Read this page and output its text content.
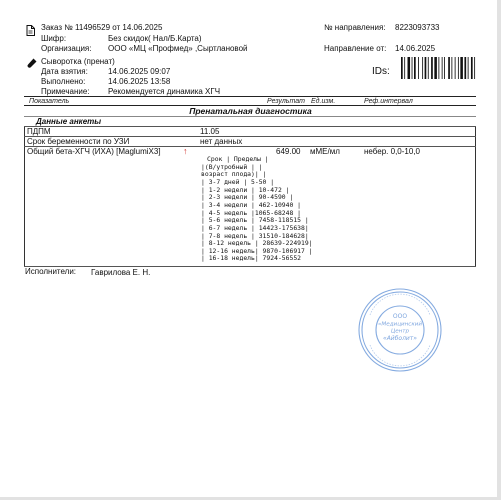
Заказ № 11496529 от 14.06.2025
Шифр:	Без скидок( Нал/Б.Карта)
Организация: ООО «МЦ «Профмед» ,Сыртлановой
№ направления: 8223093733
Направление от: 14.06.2025
Сыворотка (пренат)
Дата взятия:	14.06.2025 09:07
Выполнено:	14.06.2025 13:58
Примечание: Рекомендуется динамика ХГЧ
IDs:
Показатель	Результат Ед.изм.	Реф.интервал
Пренатальная диагностика
Данные анкеты
ПДПМ	11.05
Срок беременности по УЗИ	нет данных
Общий бета-ХГЧ (ИХА) [MaglumiX3] ↑	649.00 мМЕ/мл	небер. 0,0-10,0
Срок | Пределы |
|(В/утробный | |
возраст плода)| |
| 3-7 дней | 5-50 |
| 1-2 недели | 10-472 |
| 2-3 недели | 90-4590 |
| 3-4 недели | 462-10940 |
| 4-5 недель |1065-68248 |
| 5-6 недель | 7458-118515 |
| 6-7 недель | 14423-175638|
| 7-8 недель | 31510-184628|
| 8-12 недель | 28639-224919|
| 12-16 недель| 9870-106917 |
| 16-18 недель| 7924-56552
Исполнители: Гаврилова Е. Н.
ООО
«Медицинский
Центр
«Айболит»
